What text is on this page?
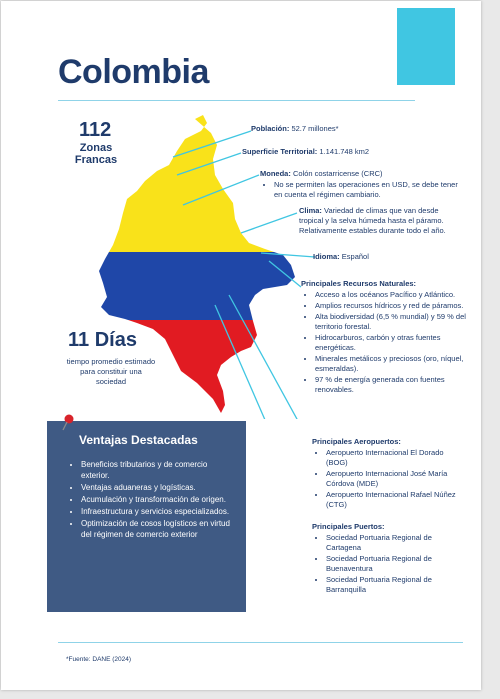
Colombia
112
Zonas Francas
11 Días
tiempo promedio estimado para constituir una sociedad
Población: 52.7 millones*
Superficie Territorial: 1.141.748 km2
Moneda: Colón costarricense (CRC)
• No se permiten las operaciones en USD, se debe tener en cuenta el régimen cambiario.
Clima: Variedad de climas que van desde tropical y la selva húmeda hasta el páramo. Relativamente estables durante todo el año.
Idioma: Español
Principales Recursos Naturales:
• Acceso a los océanos Pacífico y Atlántico.
• Amplios recursos hídricos y red de páramos.
• Alta biodiversidad (6,5 % mundial) y 59 % del territorio forestal.
• Hidrocarburos, carbón y otras fuentes energéticas.
• Minerales metálicos y preciosos (oro, níquel, esmeraldas).
• 97 % de energía generada con fuentes renovables.
Principales Aeropuertos:
• Aeropuerto Internacional El Dorado (BOG)
• Aeropuerto Internacional José María Córdova (MDE)
• Aeropuerto Internacional Rafael Núñez (CTG)
Principales Puertos:
• Sociedad Portuaria Regional de Cartagena
• Sociedad Portuaria Regional de Buenaventura
• Sociedad Portuaria Regional de Barranquilla
Ventajas Destacadas
• Beneficios tributarios y de comercio exterior.
• Ventajas aduaneras y logísticas.
• Acumulación y transformación de origen.
• Infraestructura y servicios especializados.
• Optimización de cosos logísticos en virtud del régimen de comercio exterior
*Fuente: DANE (2024)
